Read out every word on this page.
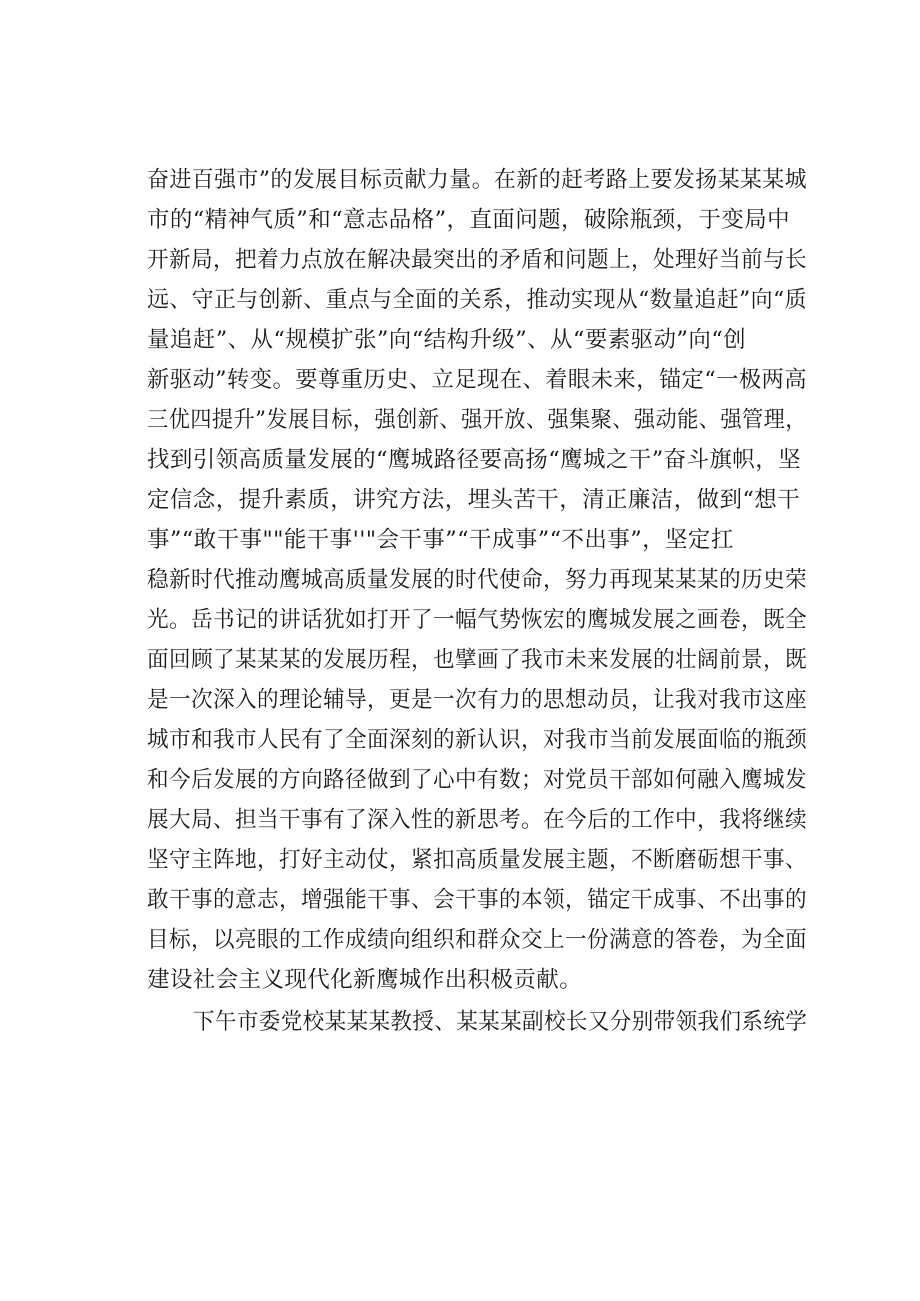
奋进百强市”的发展目标贡献力量。在新的赶考路上要发扬某某某城
市的“精神气质”和“意志品格”，直面问题，破除瓶颈，于变局中
开新局，把着力点放在解决最突出的矛盾和问题上，处理好当前与长
远、守正与创新、重点与全面的关系，推动实现从“数量追赶”向“质
量追赶”、从“规模扩张”向“结构升级”、从“要素驱动”向“创
新驱动”转变。要尊重历史、立足现在、着眼未来，锚定“一极两高
三优四提升”发展目标，强创新、强开放、强集聚、强动能、强管理，
找到引领高质量发展的“鹰城路径要高扬“鹰城之干”奋斗旗帜，坚
定信念，提升素质，讲究方法，埋头苦干，清正廉洁，做到“想干
事”“敢干事""能干事''"会干事”“干成事”“不出事”，坚定扛
稳新时代推动鹰城高质量发展的时代使命，努力再现某某某的历史荣
光。岳书记的讲话犹如打开了一幅气势恢宏的鹰城发展之画卷，既全
面回顾了某某某的发展历程，也擘画了我市未来发展的壮阔前景，既
是一次深入的理论辅导，更是一次有力的思想动员，让我对我市这座
城市和我市人民有了全面深刻的新认识，对我市当前发展面临的瓶颈
和今后发展的方向路径做到了心中有数；对党员干部如何融入鹰城发
展大局、担当干事有了深入性的新思考。在今后的工作中，我将继续
坚守主阵地，打好主动仗，紧扣高质量发展主题，不断磨砺想干事、
敢干事的意志，增强能干事、会干事的本领，锚定干成事、不出事的
目标，以亮眼的工作成绩向组织和群众交上一份满意的答卷，为全面
建设社会主义现代化新鹰城作出积极贡献。
下午市委党校某某某教授、某某某副校长又分别带领我们系统学
